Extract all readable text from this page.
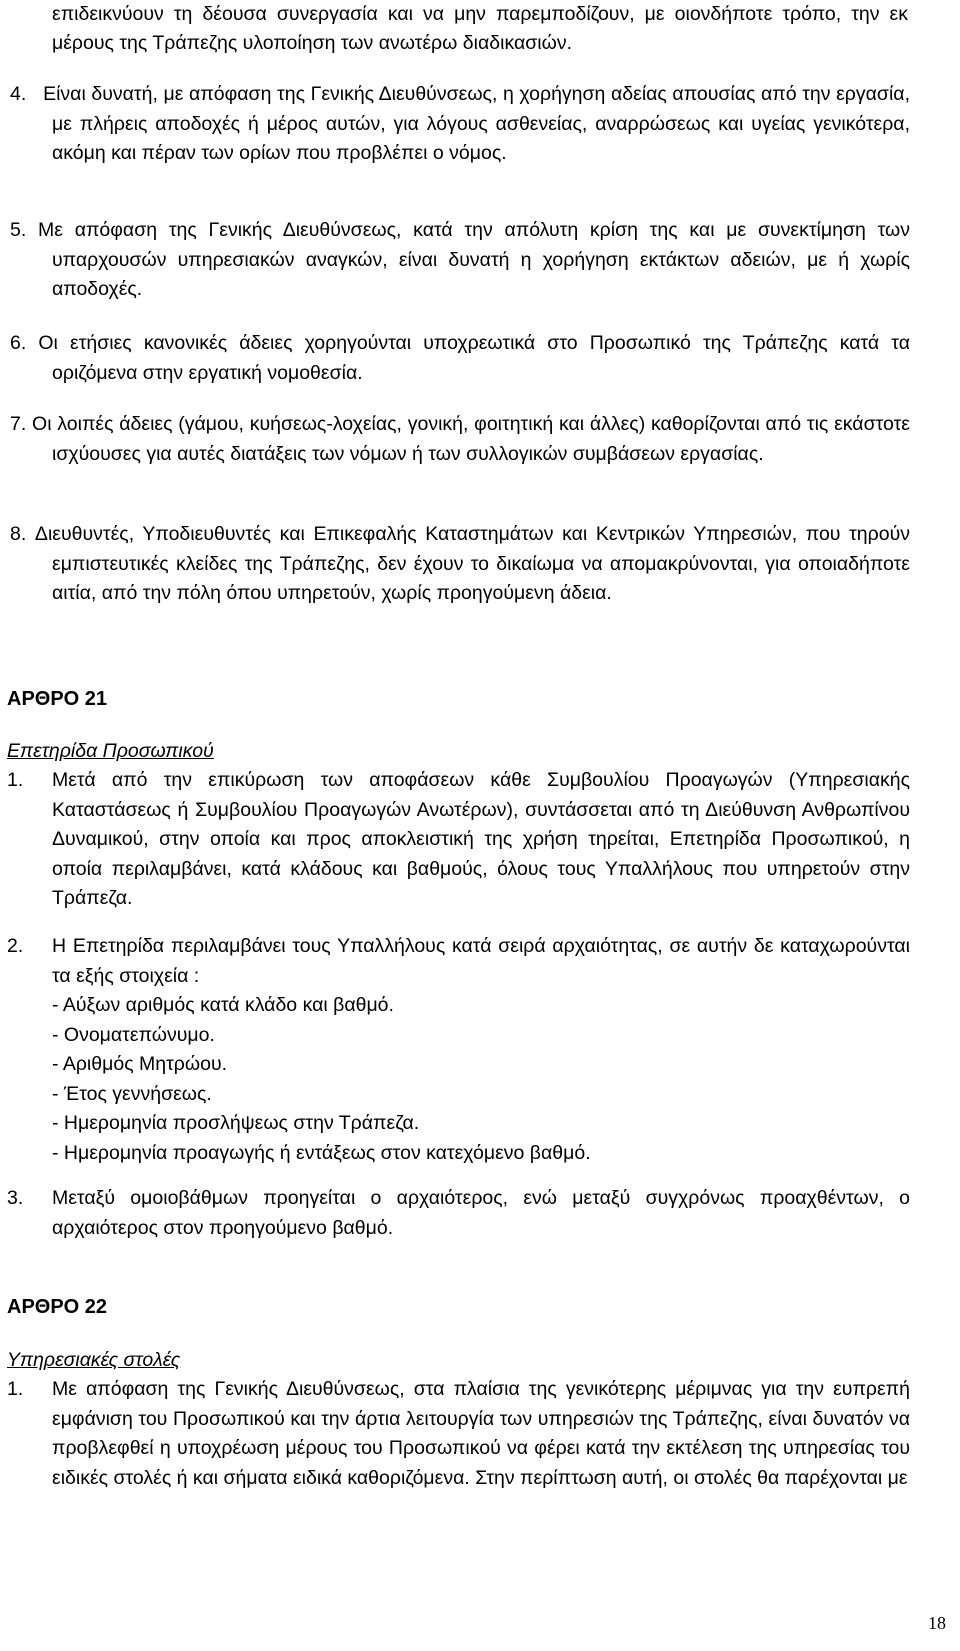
επιδεικνύουν τη δέουσα συνεργασία και να μην παρεμποδίζουν, με οιονδήποτε τρόπο, την εκ μέρους της Τράπεζης υλοποίηση των ανωτέρω διαδικασιών.
4. Είναι δυνατή, με απόφαση της Γενικής Διευθύνσεως, η χορήγηση αδείας απουσίας από την εργασία, με πλήρεις αποδοχές ή μέρος αυτών, για λόγους ασθενείας, αναρρώσεως και υγείας γενικότερα, ακόμη και πέραν των ορίων που προβλέπει ο νόμος.
5. Με απόφαση της Γενικής Διευθύνσεως, κατά την απόλυτη κρίση της και με συνεκτίμηση των υπαρχουσών υπηρεσιακών αναγκών, είναι δυνατή η χορήγηση εκτάκτων αδειών, με ή χωρίς αποδοχές.
6. Οι ετήσιες κανονικές άδειες χορηγούνται υποχρεωτικά στο Προσωπικό της Τράπεζης κατά τα οριζόμενα στην εργατική νομοθεσία.
7. Οι λοιπές άδειες (γάμου, κυήσεως-λοχείας, γονική, φοιτητική και άλλες) καθορίζονται από τις εκάστοτε ισχύουσες για αυτές διατάξεις των νόμων ή των συλλογικών συμβάσεων εργασίας.
8. Διευθυντές, Υποδιευθυντές και Επικεφαλής Καταστημάτων και Κεντρικών Υπηρεσιών, που τηρούν εμπιστευτικές κλείδες της Τράπεζης, δεν έχουν το δικαίωμα να απομακρύνονται, για οποιαδήποτε αιτία, από την πόλη όπου υπηρετούν, χωρίς προηγούμενη άδεια.
ΑΡΘΡΟ 21
Επετηρίδα Προσωπικού
1. Μετά από την επικύρωση των αποφάσεων κάθε Συμβουλίου Προαγωγών (Υπηρεσιακής Καταστάσεως ή Συμβουλίου Προαγωγών Ανωτέρων), συντάσσεται από τη Διεύθυνση Ανθρωπίνου Δυναμικού, στην οποία και προς αποκλειστική της χρήση τηρείται, Επετηρίδα Προσωπικού, η οποία περιλαμβάνει, κατά κλάδους και βαθμούς, όλους τους Υπαλλήλους που υπηρετούν στην Τράπεζα.
2. Η Επετηρίδα περιλαμβάνει τους Υπαλλήλους κατά σειρά αρχαιότητας, σε αυτήν δε καταχωρούνται τα εξής στοιχεία :
- Αύξων αριθμός κατά κλάδο και βαθμό.
- Ονοματεπώνυμο.
- Αριθμός Μητρώου.
- Έτος γεννήσεως.
- Ημερομηνία προσλήψεως στην Τράπεζα.
- Ημερομηνία προαγωγής ή εντάξεως στον κατεχόμενο βαθμό.
3. Μεταξύ ομοιοβάθμων προηγείται ο αρχαιότερος, ενώ μεταξύ συγχρόνως προαχθέντων, ο αρχαιότερος στον προηγούμενο βαθμό.
ΑΡΘΡΟ 22
Υπηρεσιακές στολές
1. Με απόφαση της Γενικής Διευθύνσεως, στα πλαίσια της γενικότερης μέριμνας για την ευπρεπή εμφάνιση του Προσωπικού και την άρτια λειτουργία των υπηρεσιών της Τράπεζης, είναι δυνατόν να προβλεφθεί η υποχρέωση μέρους του Προσωπικού να φέρει κατά την εκτέλεση της υπηρεσίας του ειδικές στολές ή και σήματα ειδικά καθοριζόμενα. Στην περίπτωση αυτή, οι στολές θα παρέχονται με
18
